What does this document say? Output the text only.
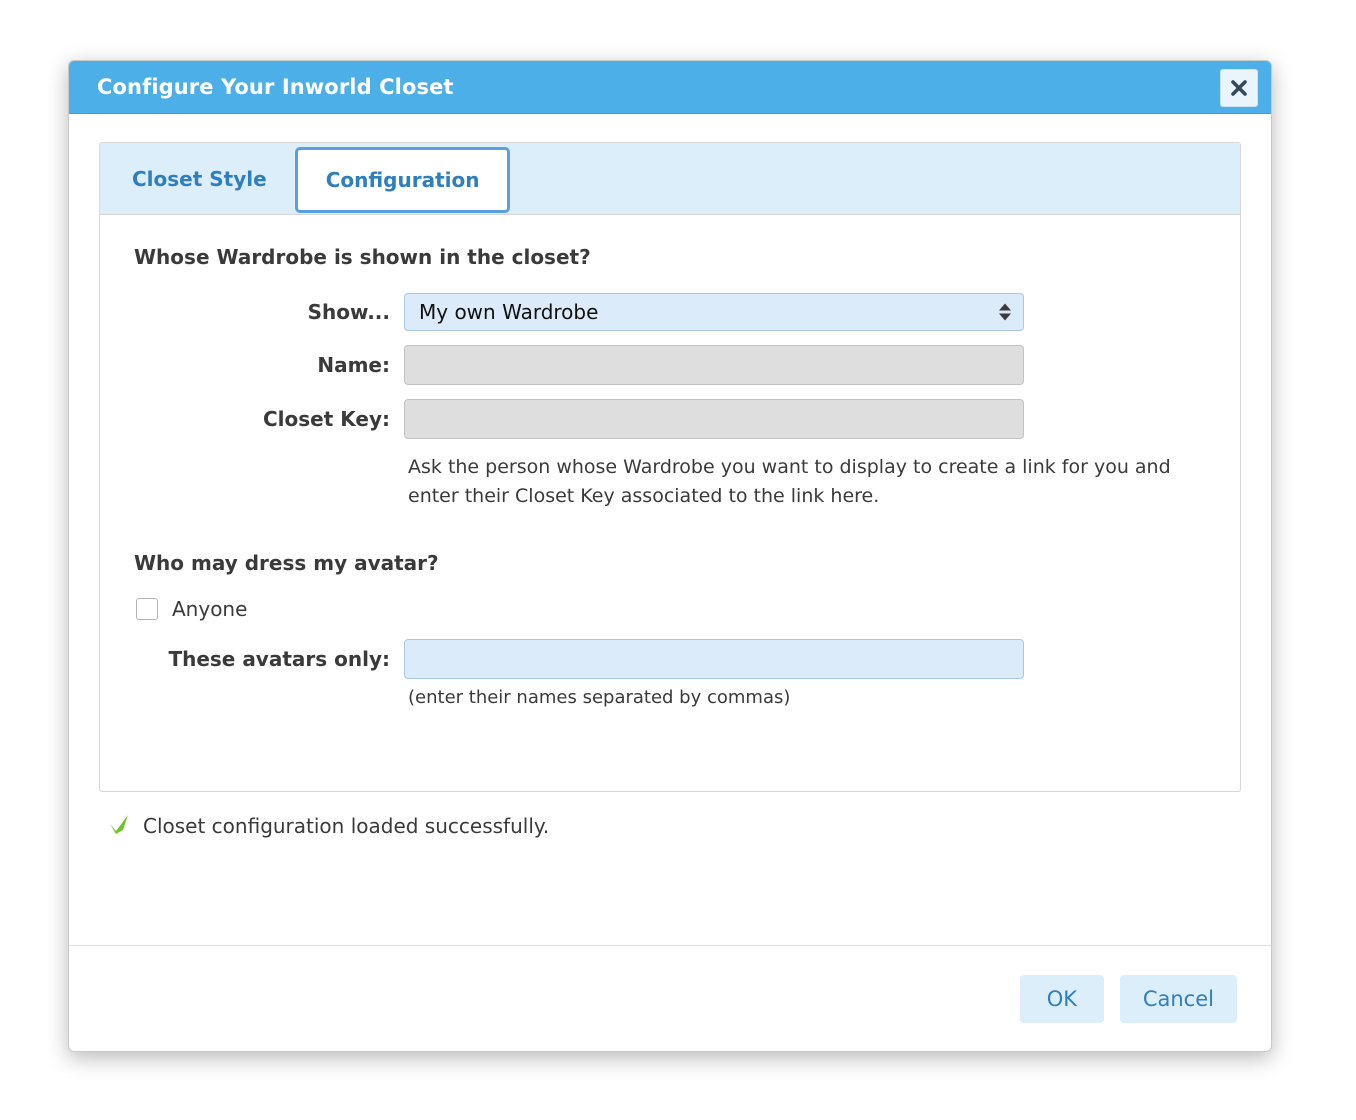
Configure Your Inworld Closet
Closet Style	Configuration
Whose Wardrobe is shown in the closet?
Show...	My own Wardrobe
Name:
Closet Key:
Ask the person whose Wardrobe you want to display to create a link for you and enter their Closet Key associated to the link here.
Who may dress my avatar?
Anyone
These avatars only:
(enter their names separated by commas)
Closet configuration loaded successfully.
OK	Cancel
